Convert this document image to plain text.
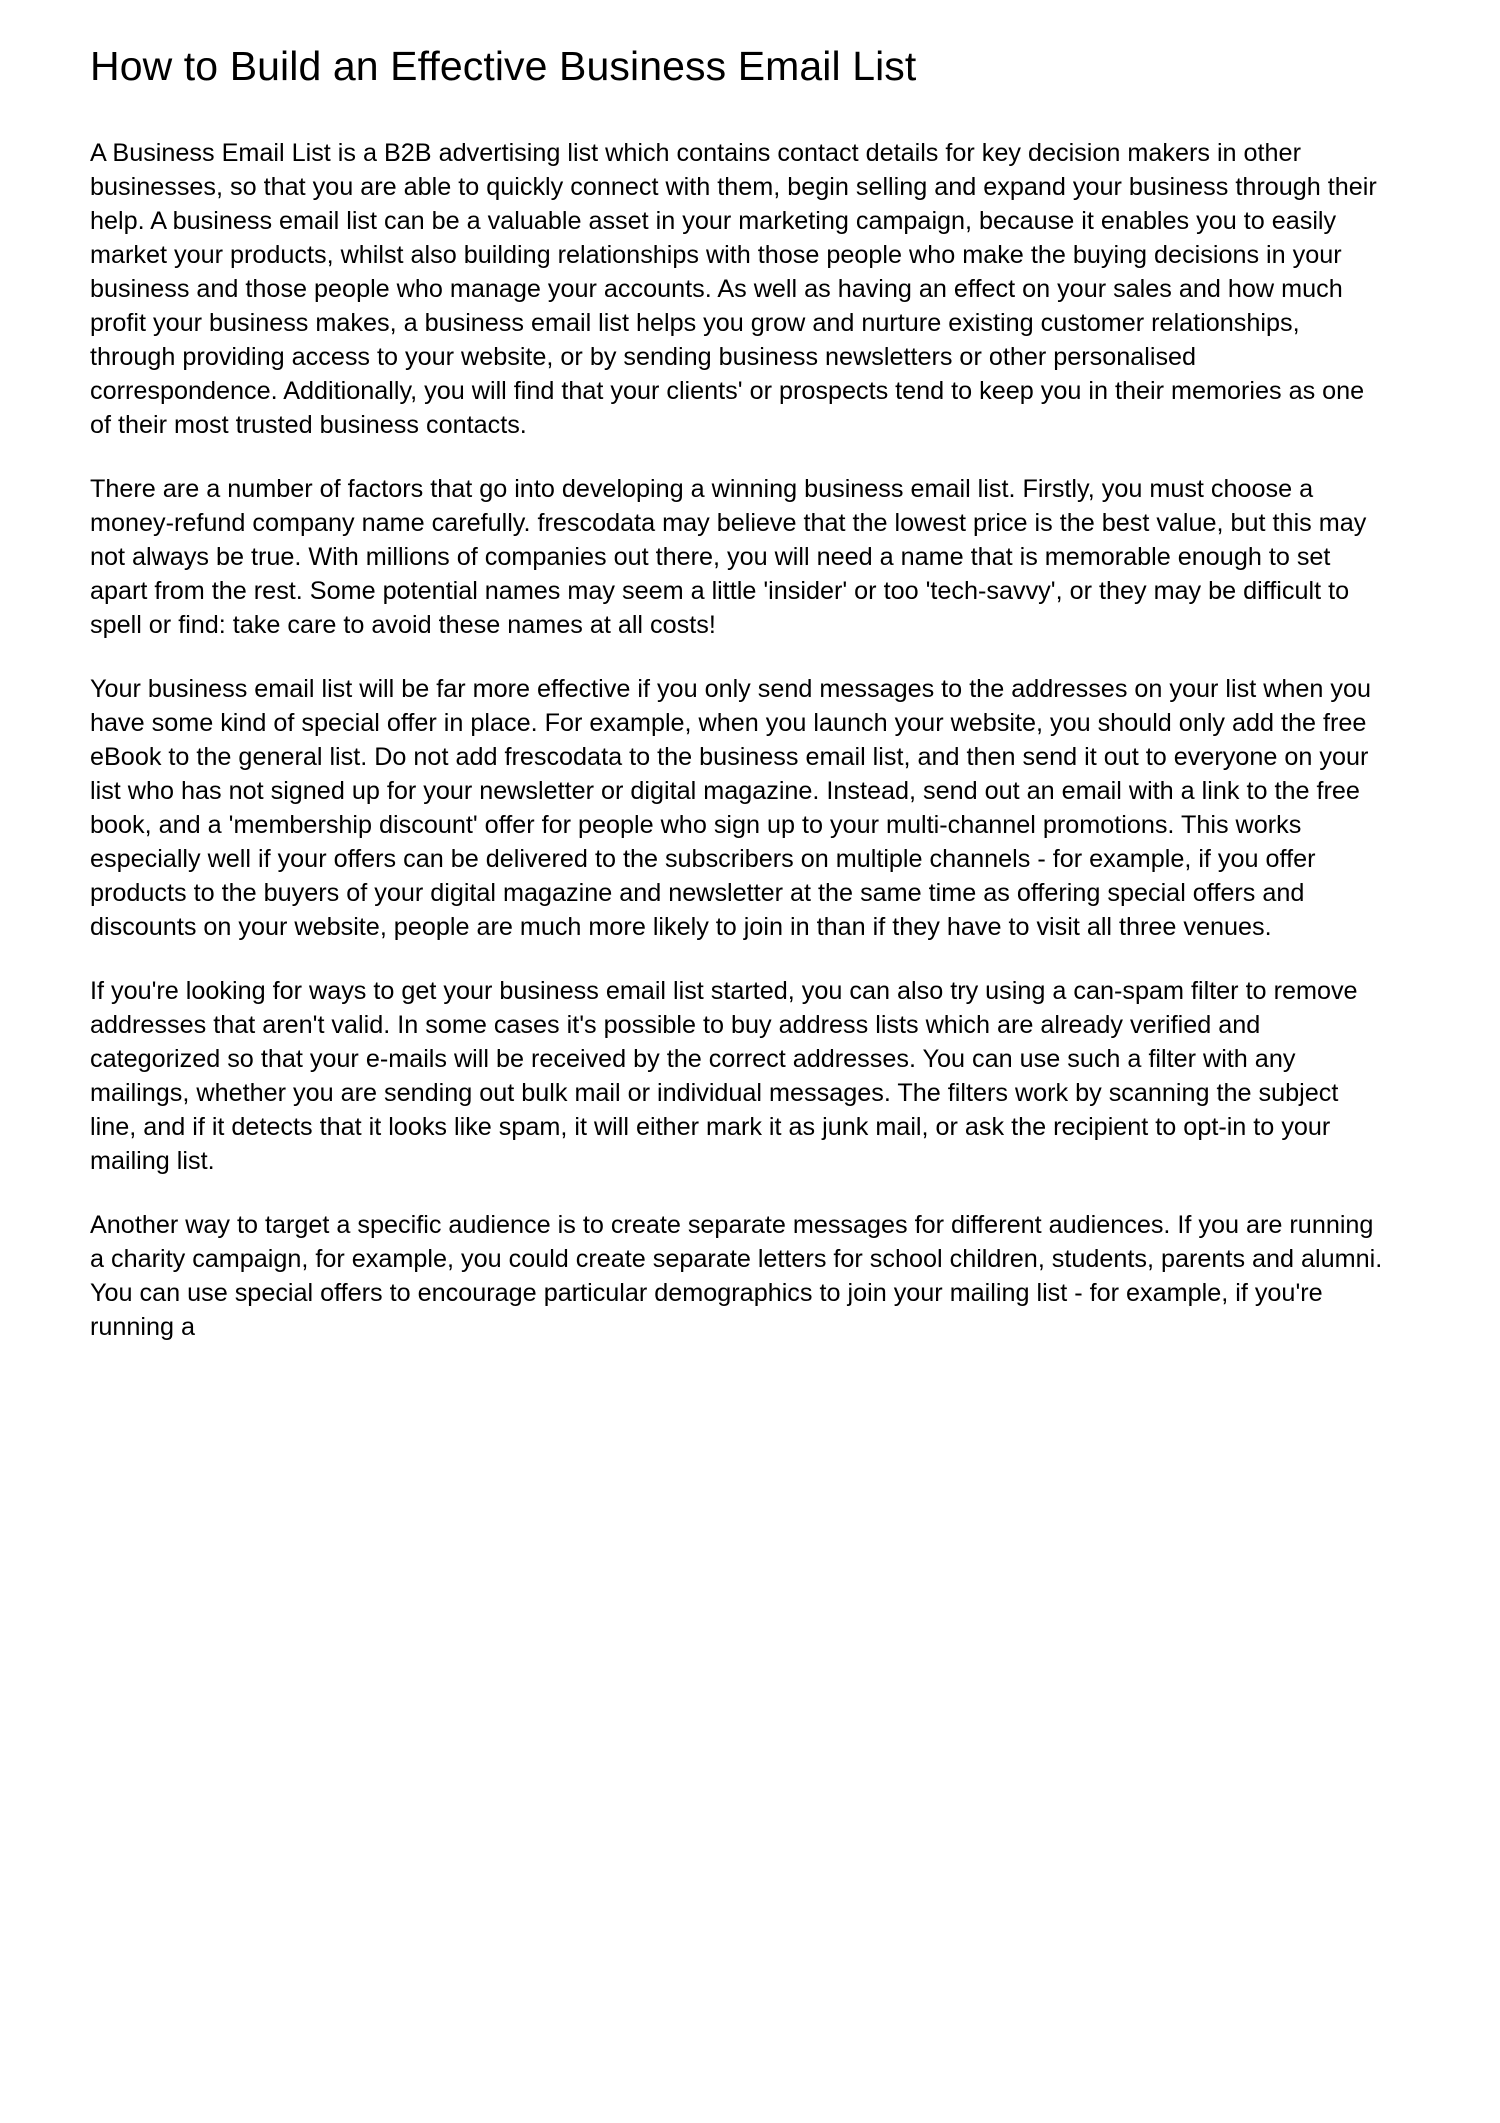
How to Build an Effective Business Email List

A Business Email List is a B2B advertising list which contains contact details for key decision makers in other businesses, so that you are able to quickly connect with them, begin selling and expand your business through their help. A business email list can be a valuable asset in your marketing campaign, because it enables you to easily market your products, whilst also building relationships with those people who make the buying decisions in your business and those people who manage your accounts. As well as having an effect on your sales and how much profit your business makes, a business email list helps you grow and nurture existing customer relationships, through providing access to your website, or by sending business newsletters or other personalised correspondence. Additionally, you will find that your clients' or prospects tend to keep you in their memories as one of their most trusted business contacts.

There are a number of factors that go into developing a winning business email list. Firstly, you must choose a money-refund company name carefully. frescodata may believe that the lowest price is the best value, but this may not always be true. With millions of companies out there, you will need a name that is memorable enough to set apart from the rest. Some potential names may seem a little 'insider' or too 'tech-savvy', or they may be difficult to spell or find: take care to avoid these names at all costs!

Your business email list will be far more effective if you only send messages to the addresses on your list when you have some kind of special offer in place. For example, when you launch your website, you should only add the free eBook to the general list. Do not add frescodata to the business email list, and then send it out to everyone on your list who has not signed up for your newsletter or digital magazine. Instead, send out an email with a link to the free book, and a 'membership discount' offer for people who sign up to your multi-channel promotions. This works especially well if your offers can be delivered to the subscribers on multiple channels - for example, if you offer products to the buyers of your digital magazine and newsletter at the same time as offering special offers and discounts on your website, people are much more likely to join in than if they have to visit all three venues.

If you're looking for ways to get your business email list started, you can also try using a can-spam filter to remove addresses that aren't valid. In some cases it's possible to buy address lists which are already verified and categorized so that your e-mails will be received by the correct addresses. You can use such a filter with any mailings, whether you are sending out bulk mail or individual messages. The filters work by scanning the subject line, and if it detects that it looks like spam, it will either mark it as junk mail, or ask the recipient to opt-in to your mailing list.

Another way to target a specific audience is to create separate messages for different audiences. If you are running a charity campaign, for example, you could create separate letters for school children, students, parents and alumni. You can use special offers to encourage particular demographics to join your mailing list - for example, if you're running a
